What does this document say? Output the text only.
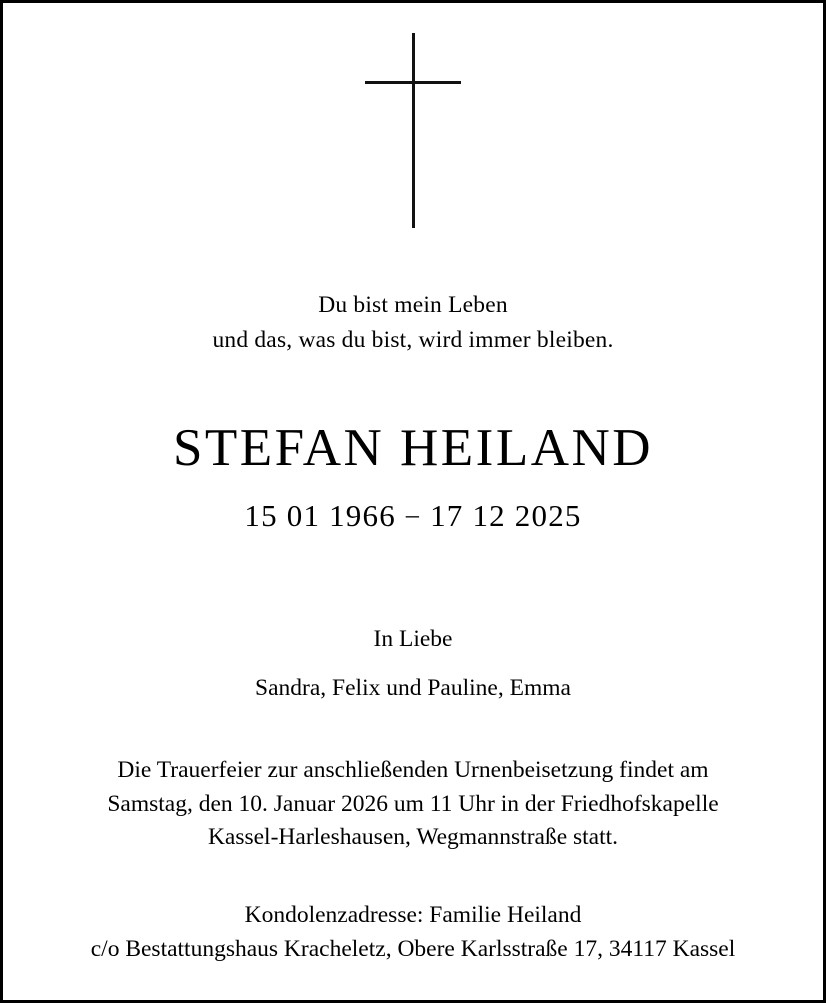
Du bist mein Leben
und das, was du bist, wird immer bleiben.
STEFAN HEILAND
15 01 1966 – 17 12 2025
In Liebe
Sandra, Felix und Pauline, Emma
Die Trauerfeier zur anschließenden Urnenbeisetzung findet am
Samstag, den 10. Januar 2026 um 11 Uhr in der Friedhofskapelle
Kassel-Harleshausen, Wegmannstraße statt.
Kondolenzadresse: Familie Heiland
c/o Bestattungshaus Kracheletz, Obere Karlsstraße 17, 34117 Kassel
